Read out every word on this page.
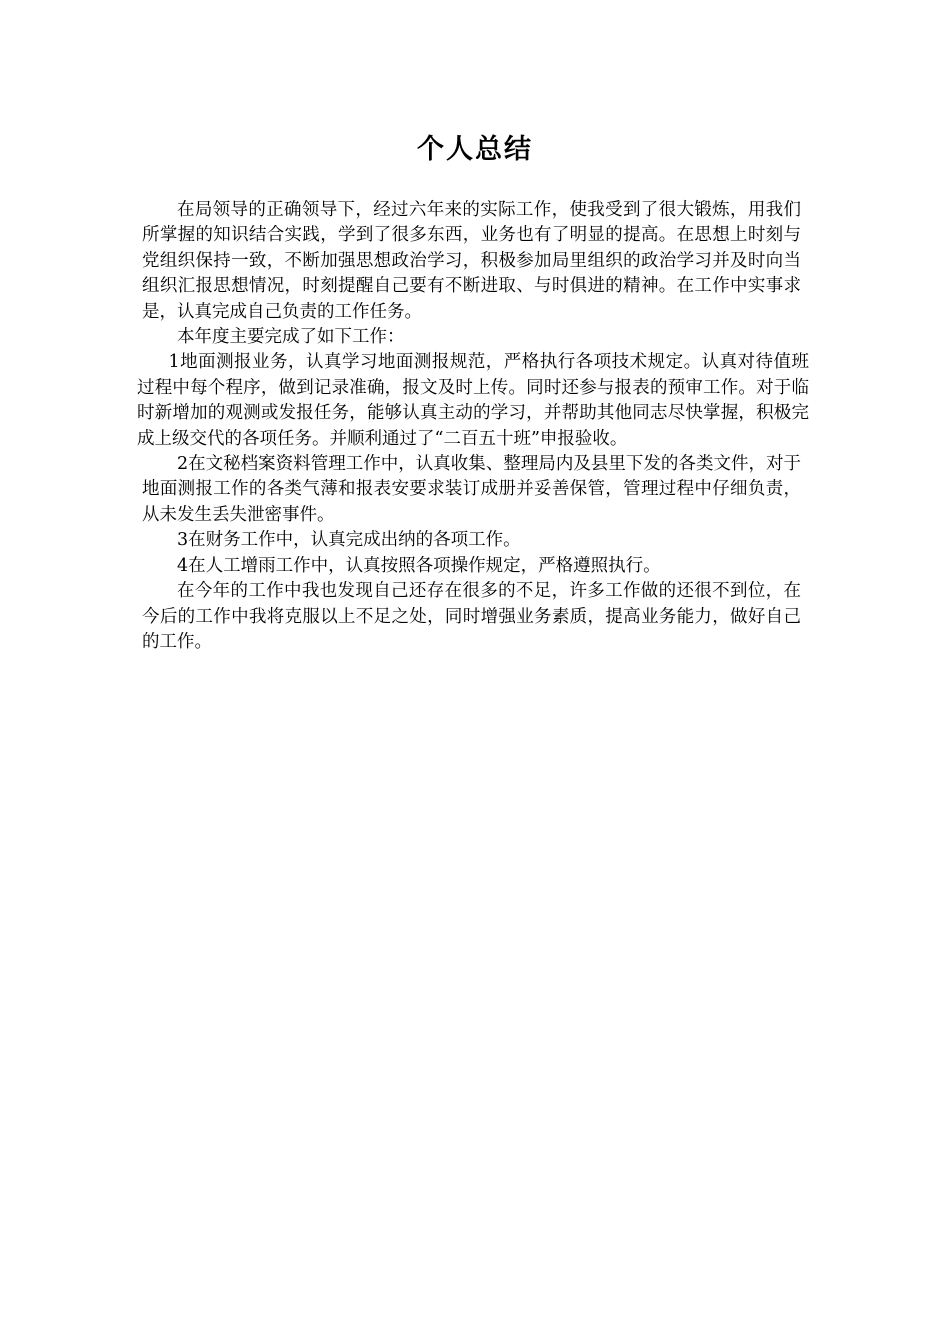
个人总结

在局领导的正确领导下，经过六年来的实际工作，使我受到了很大锻炼，用我们所掌握的知识结合实践，学到了很多东西，业务也有了明显的提高。在思想上时刻与党组织保持一致，不断加强思想政治学习，积极参加局里组织的政治学习并及时向当组织汇报思想情况，时刻提醒自己要有不断进取、与时俱进的精神。在工作中实事求是，认真完成自己负责的工作任务。

本年度主要完成了如下工作：

1地面测报业务，认真学习地面测报规范，严格执行各项技术规定。认真对待值班过程中每个程序，做到记录准确，报文及时上传。同时还参与报表的预审工作。对于临时新增加的观测或发报任务，能够认真主动的学习，并帮助其他同志尽快掌握，积极完成上级交代的各项任务。并顺利通过了“二百五十班”申报验收。

2在文秘档案资料管理工作中，认真收集、整理局内及县里下发的各类文件，对于地面测报工作的各类气薄和报表安要求装订成册并妥善保管，管理过程中仔细负责，从未发生丢失泄密事件。

3在财务工作中，认真完成出纳的各项工作。

4在人工增雨工作中，认真按照各项操作规定，严格遵照执行。

在今年的工作中我也发现自己还存在很多的不足，许多工作做的还很不到位，在今后的工作中我将克服以上不足之处，同时增强业务素质，提高业务能力，做好自己的工作。
